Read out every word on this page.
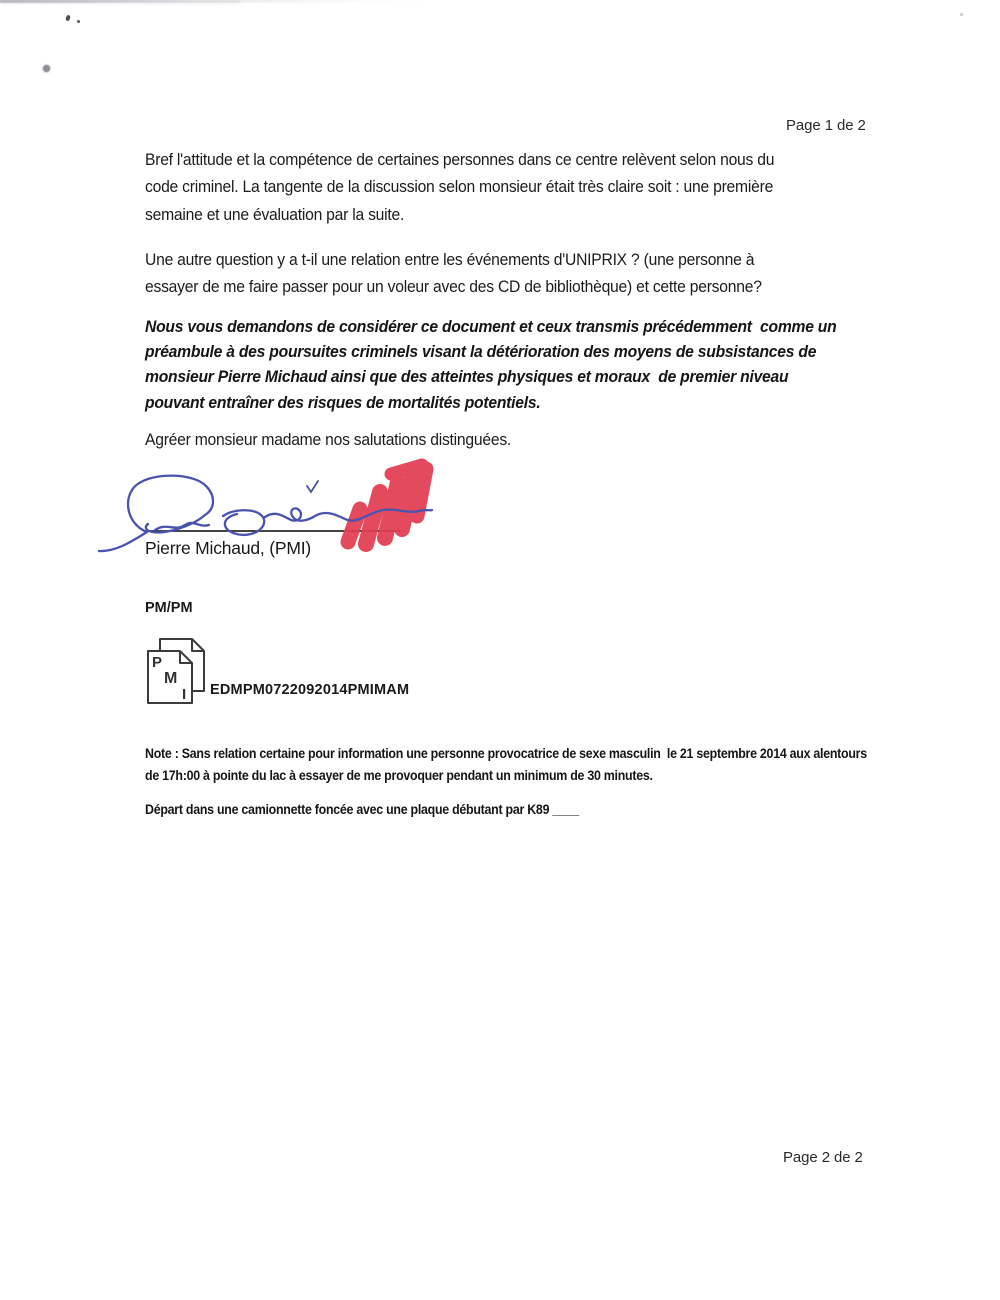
Page 1 de 2
Bref l'attitude et la compétence de certaines personnes dans ce centre relèvent selon nous du
code criminel. La tangente de la discussion selon monsieur était très claire soit : une première
semaine et une évaluation par la suite.
Une autre question y a t-il une relation entre les événements d'UNIPRIX ? (une personne à
essayer de me faire passer pour un voleur avec des CD de bibliothèque) et cette personne?
Nous vous demandons de considérer ce document et ceux transmis précédemment  comme un
préambule à des poursuites criminels visant la détérioration des moyens de subsistances de
monsieur Pierre Michaud ainsi que des atteintes physiques et moraux  de premier niveau
pouvant entraîner des risques de mortalités potentiels.
Agréer monsieur madame nos salutations distinguées.
Pierre Michaud, (PMI)
PM/PM
P
M
I EDMPM0722092014PMIMAM
Note : Sans relation certaine pour information une personne provocatrice de sexe masculin  le 21 septembre 2014 aux alentours
de 17h:00 à pointe du lac à essayer de me provoquer pendant un minimum de 30 minutes.
Départ dans une camionnette foncée avec une plaque débutant par K89 ____
Page 2 de 2
